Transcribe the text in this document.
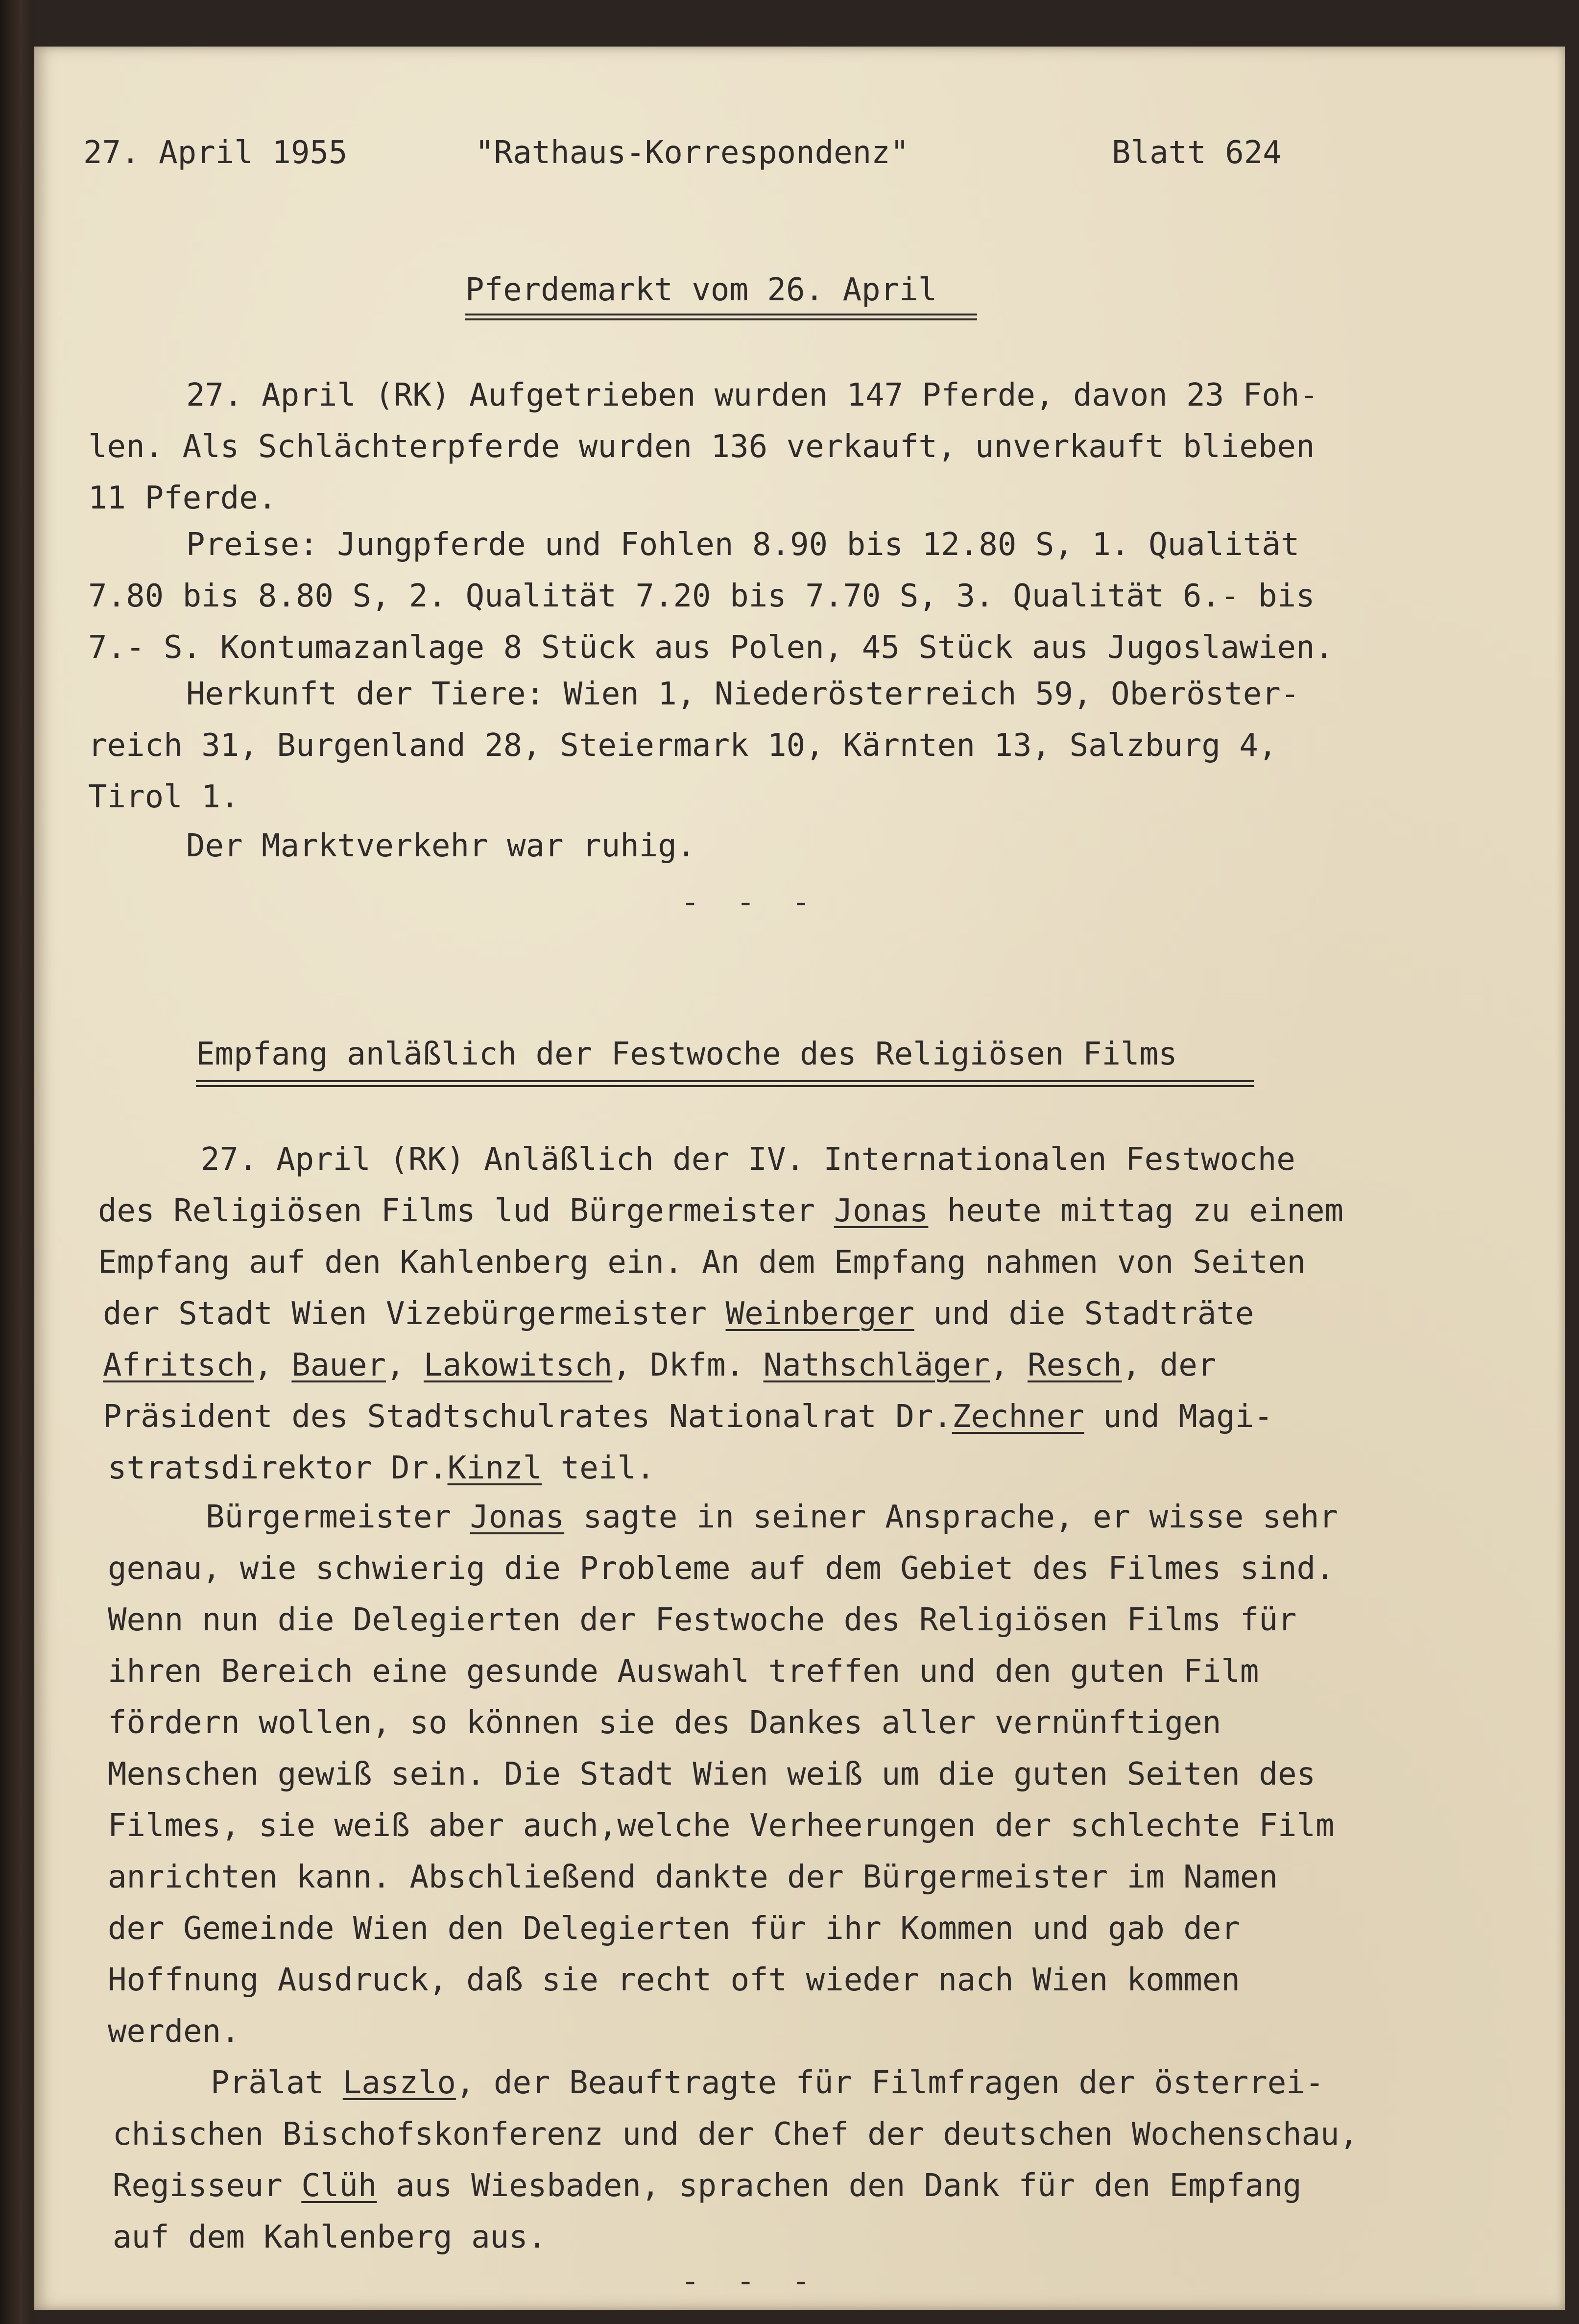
27. April 1955	"Rathaus-Korrespondenz"	Blatt 624
Pferdemarkt vom 26. April
27. April (RK) Aufgetrieben wurden 147 Pferde, davon 23 Foh-
len. Als Schlächterpferde wurden 136 verkauft, unverkauft blieben
11 Pferde.
Preise: Jungpferde und Fohlen 8.90 bis 12.80 S, 1. Qualität
7.80 bis 8.80 S, 2. Qualität 7.20 bis 7.70 S, 3. Qualität 6.- bis
7.- S. Kontumazanlage 8 Stück aus Polen, 45 Stück aus Jugoslawien.
Herkunft der Tiere: Wien 1, Niederösterreich 59, Oberöster-
reich 31, Burgenland 28, Steiermark 10, Kärnten 13, Salzburg 4,
Tirol 1.
Der Marktverkehr war ruhig.
- - -
Empfang anläßlich der Festwoche des Religiösen Films
27. April (RK) Anläßlich der IV. Internationalen Festwoche
des Religiösen Films lud Bürgermeister Jonas heute mittag zu einem
Empfang auf den Kahlenberg ein. An dem Empfang nahmen von Seiten
der Stadt Wien Vizebürgermeister Weinberger und die Stadträte
Afritsch, Bauer, Lakowitsch, Dkfm. Nathschläger, Resch, der
Präsident des Stadtschulrates Nationalrat Dr.Zechner und Magi-
stratsdirektor Dr.Kinzl teil.
Bürgermeister Jonas sagte in seiner Ansprache, er wisse sehr
genau, wie schwierig die Probleme auf dem Gebiet des Filmes sind.
Wenn nun die Delegierten der Festwoche des Religiösen Films für
ihren Bereich eine gesunde Auswahl treffen und den guten Film
fördern wollen, so können sie des Dankes aller vernünftigen
Menschen gewiß sein. Die Stadt Wien weiß um die guten Seiten des
Filmes, sie weiß aber auch,welche Verheerungen der schlechte Film
anrichten kann. Abschließend dankte der Bürgermeister im Namen
der Gemeinde Wien den Delegierten für ihr Kommen und gab der
Hoffnung Ausdruck, daß sie recht oft wieder nach Wien kommen
werden.
Prälat Laszlo, der Beauftragte für Filmfragen der österrei-
chischen Bischofskonferenz und der Chef der deutschen Wochenschau,
Regisseur Clüh aus Wiesbaden, sprachen den Dank für den Empfang
auf dem Kahlenberg aus.
- - -
